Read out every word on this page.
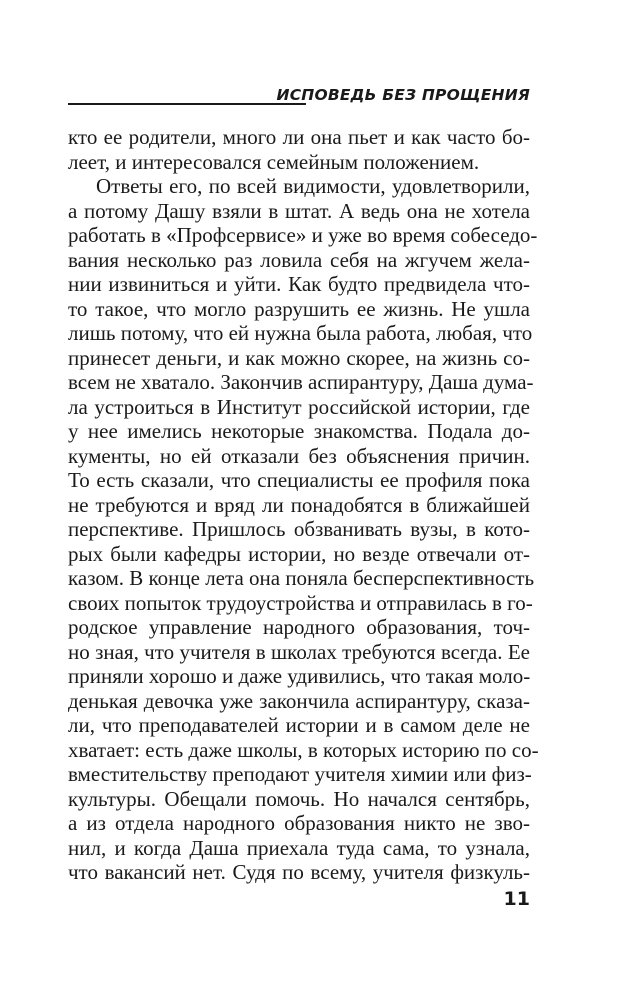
ИСПОВЕДЬ БЕЗ ПРОЩЕНИЯ
кто ее родители, много ли она пьет и как часто бо-
леет, и интересовался семейным положением.
Ответы его, по всей видимости, удовлетворили,
а потому Дашу взяли в штат. А ведь она не хотела
работать в «Профсервисе» и уже во время собеседо-
вания несколько раз ловила себя на жгучем жела-
нии извиниться и уйти. Как будто предвидела что-
то такое, что могло разрушить ее жизнь. Не ушла
лишь потому, что ей нужна была работа, любая, что
принесет деньги, и как можно скорее, на жизнь со-
всем не хватало. Закончив аспирантуру, Даша дума-
ла устроиться в Институт российской истории, где
у нее имелись некоторые знакомства. Подала до-
кументы, но ей отказали без объяснения причин.
То есть сказали, что специалисты ее профиля пока
не требуются и вряд ли понадобятся в ближайшей
перспективе. Пришлось обзванивать вузы, в кото-
рых были кафедры истории, но везде отвечали от-
казом. В конце лета она поняла бесперспективность
своих попыток трудоустройства и отправилась в го-
родское управление народного образования, точ-
но зная, что учителя в школах требуются всегда. Ее
приняли хорошо и даже удивились, что такая моло-
денькая девочка уже закончила аспирантуру, сказа-
ли, что преподавателей истории и в самом деле не
хватает: есть даже школы, в которых историю по со-
вместительству преподают учителя химии или физ-
культуры. Обещали помочь. Но начался сентябрь,
а из отдела народного образования никто не зво-
нил, и когда Даша приехала туда сама, то узнала,
что вакансий нет. Судя по всему, учителя физкуль-
11
